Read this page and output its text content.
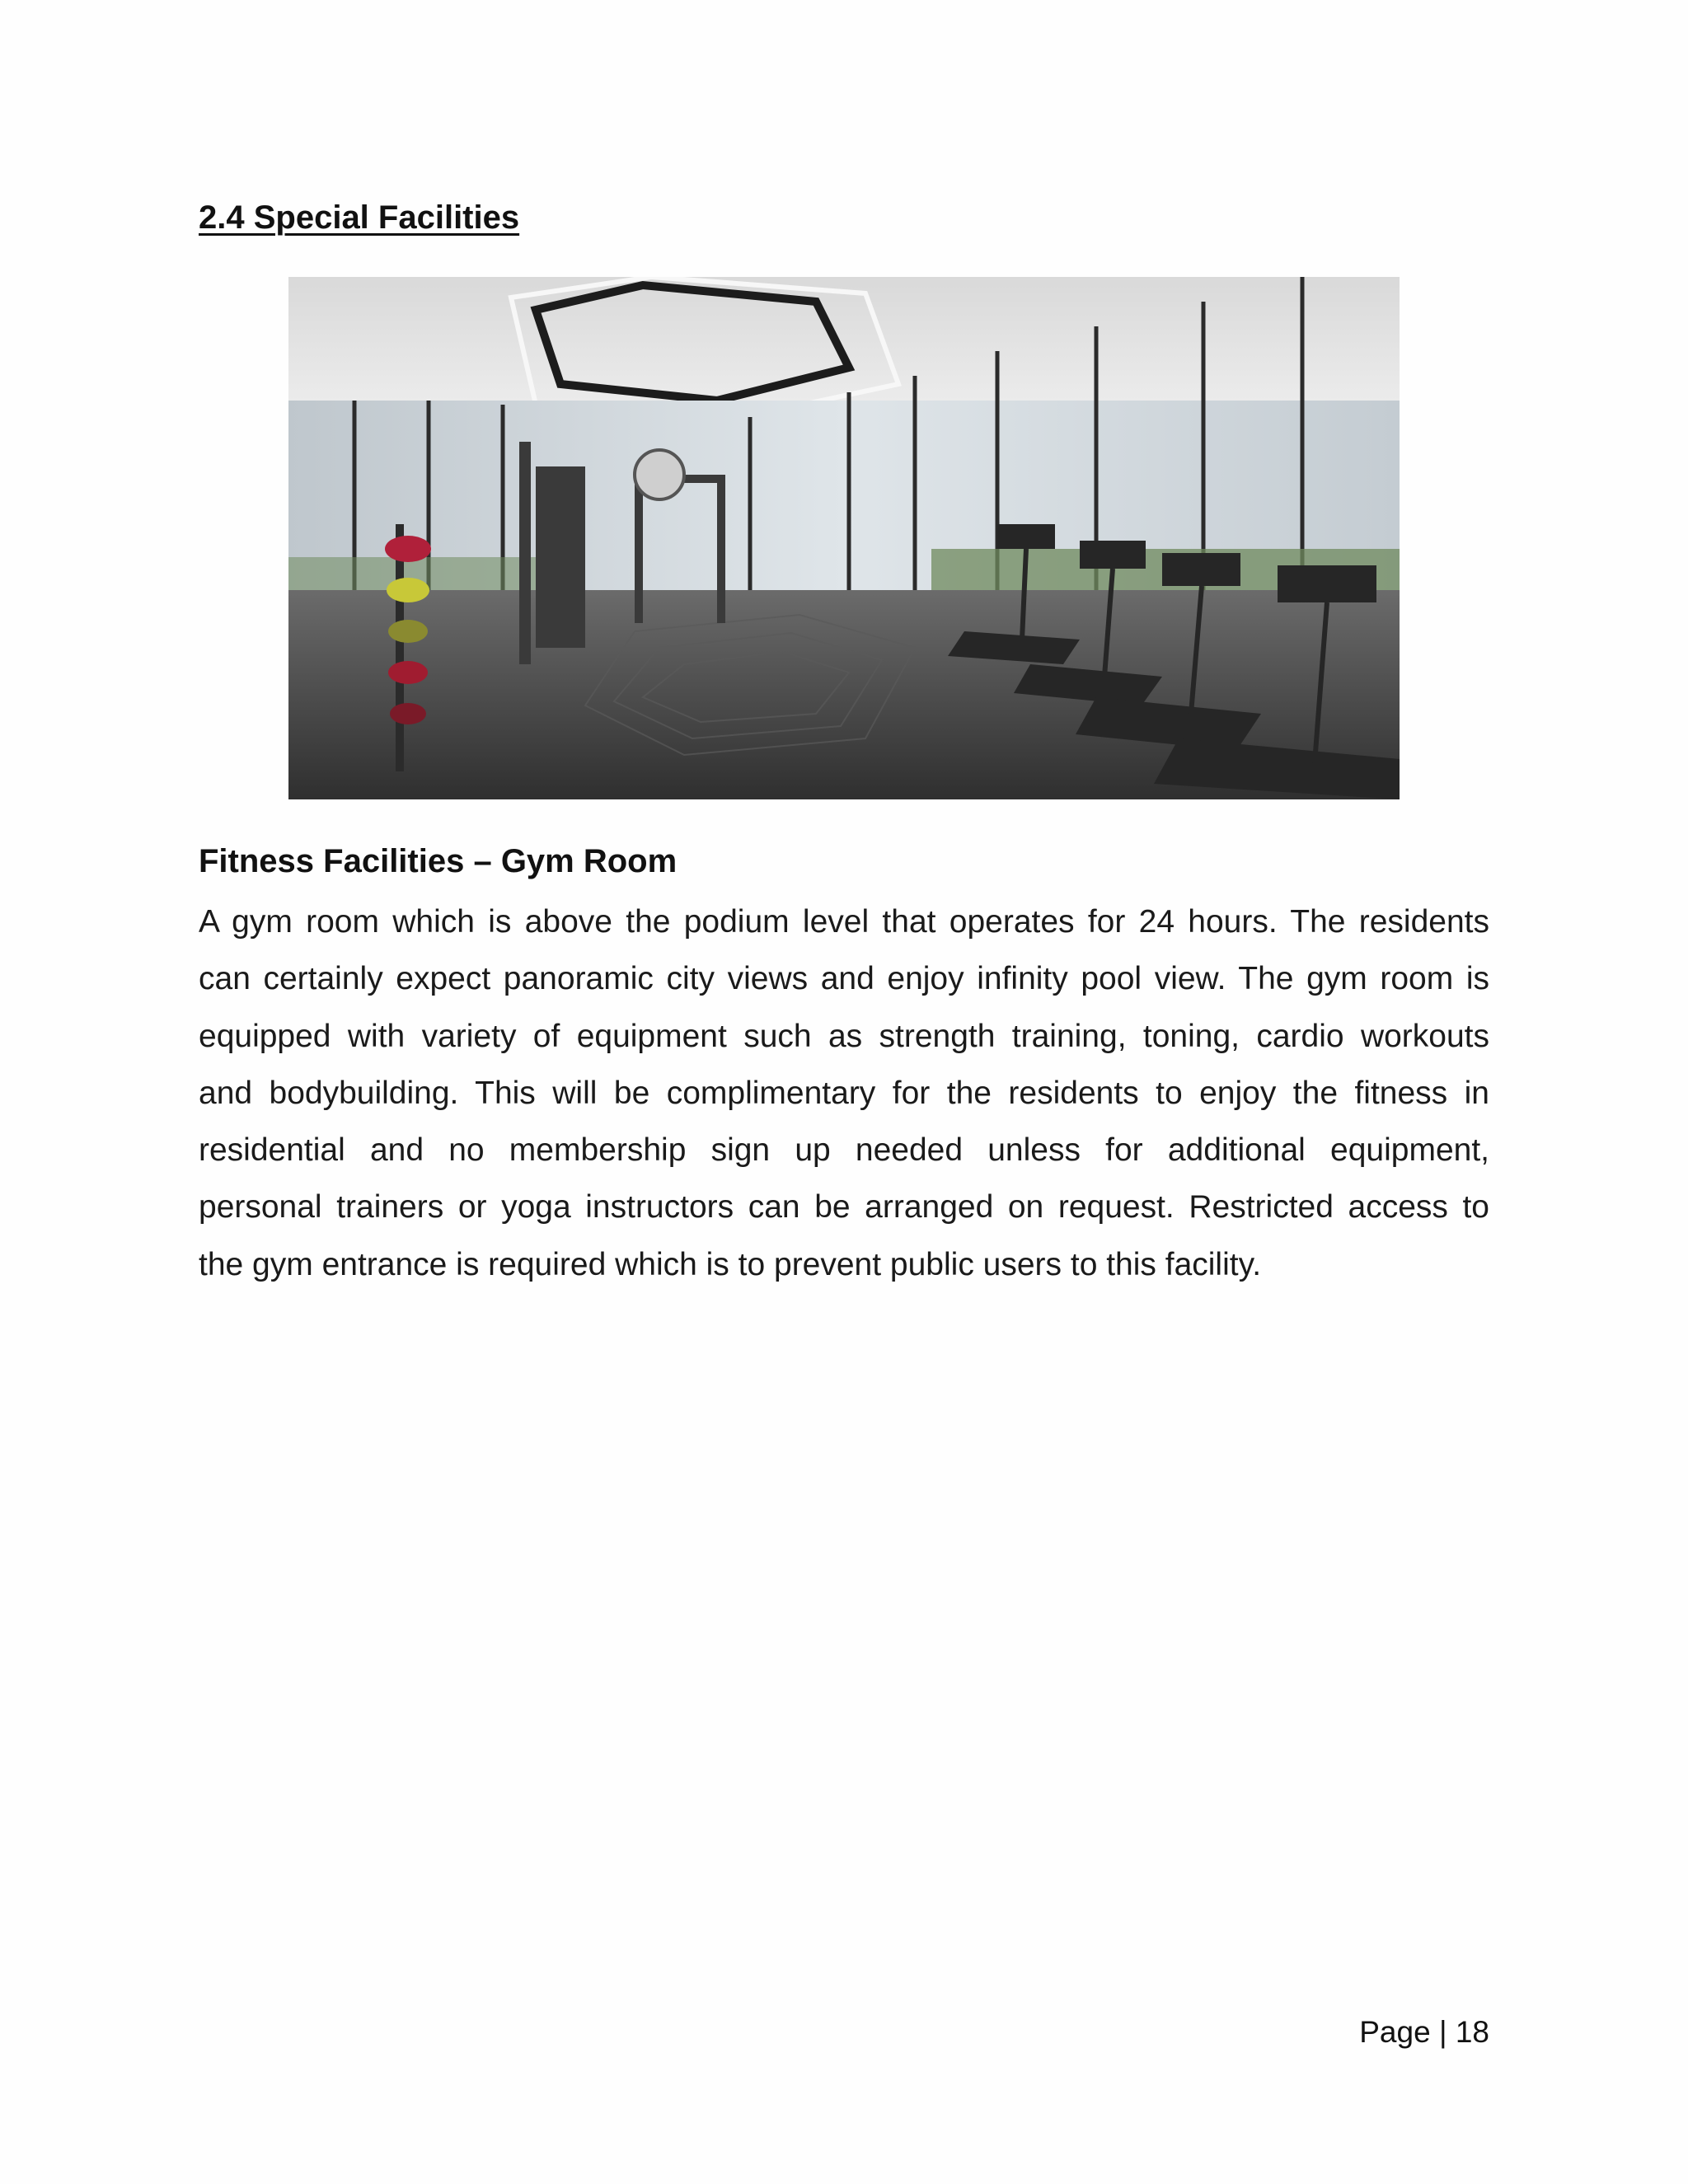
2.4 Special Facilities
Fitness Facilities – Gym Room
A gym room which is above the podium level that operates for 24 hours. The residents
can certainly expect panoramic city views and enjoy infinity pool view. The gym room is
equipped with variety of equipment such as strength training, toning, cardio workouts
and bodybuilding. This will be complimentary for the residents to enjoy the fitness in
residential and no membership sign up needed unless for additional equipment,
personal trainers or yoga instructors can be arranged on request. Restricted access to
the gym entrance is required which is to prevent public users to this facility.
Page | 18
